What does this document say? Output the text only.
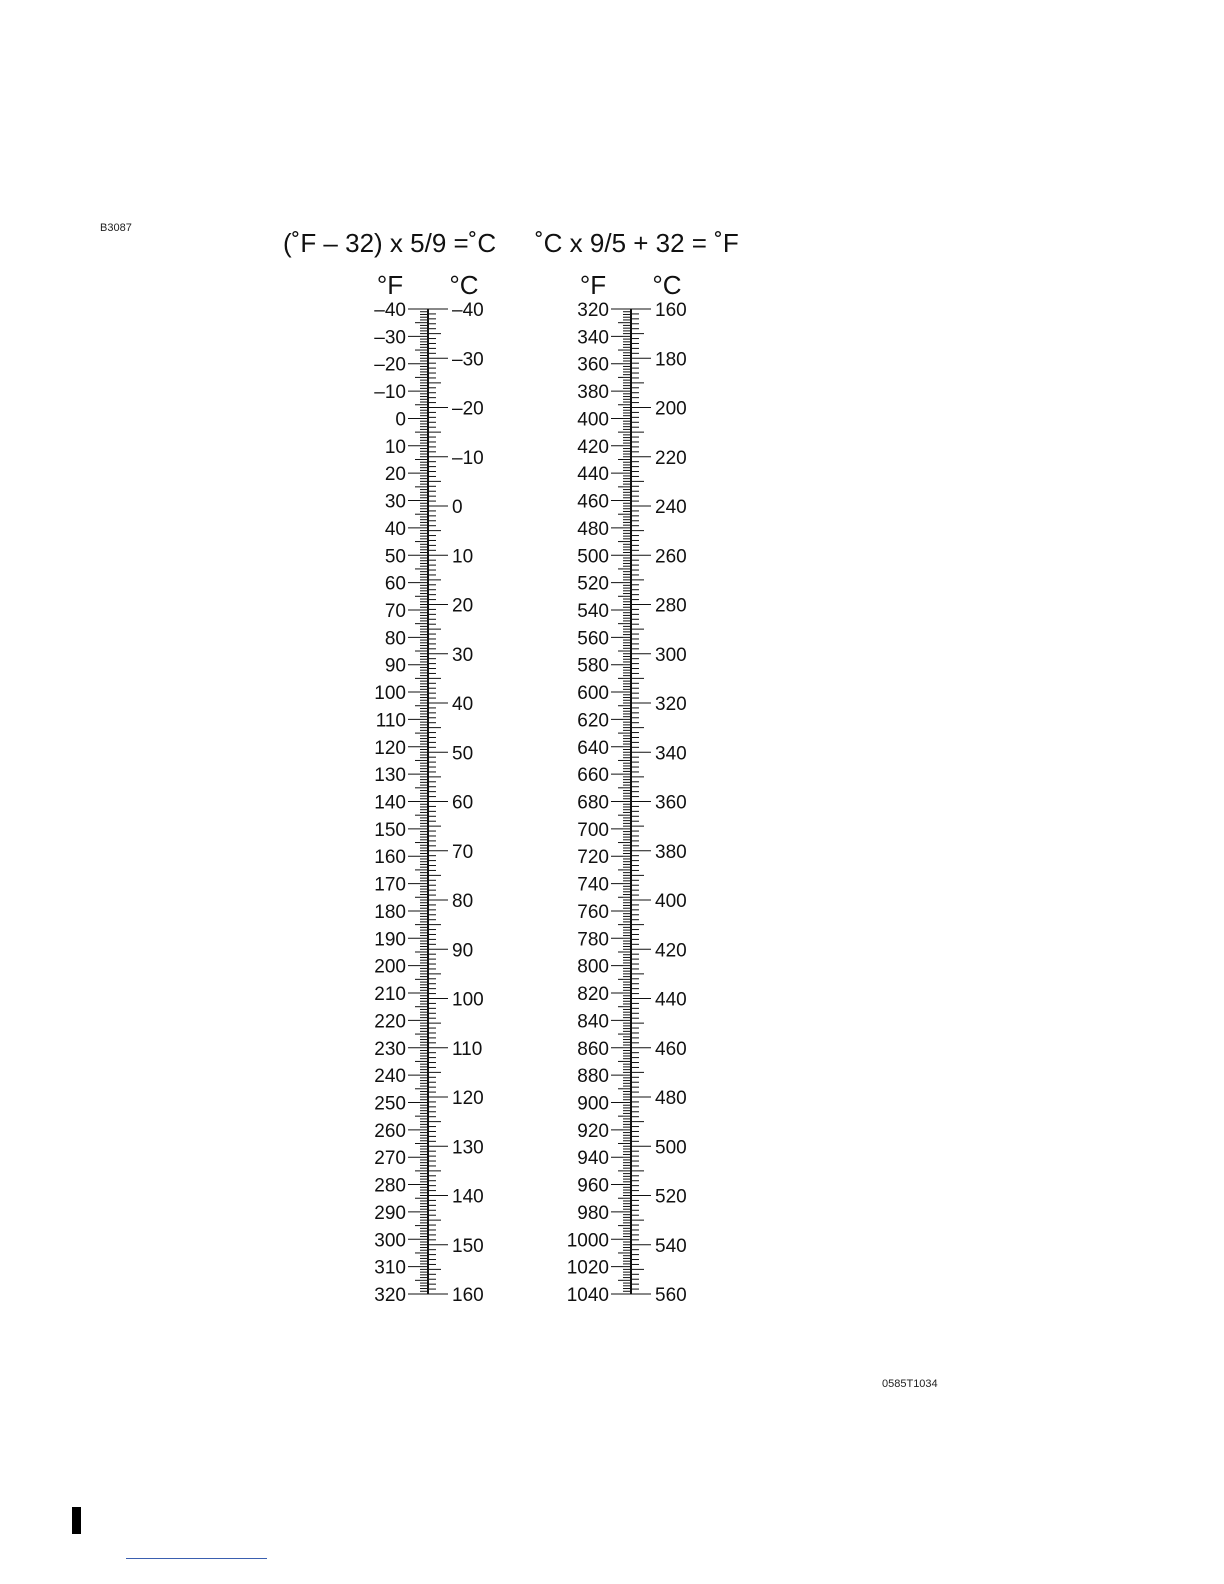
B3087	(˚F – 32) x 5/9 =˚C ˚C x 9/5 + 32 = ˚F
°F °C
–40
–30
–20
–10
0
10
20
30
40
50
60
70
80
90
100
110
120
130
140
150
160
170
180
190
200
210
220
230
240
250
260
270
280
290
300
310
320
–40
–30
–20
–10
0
10
20
30
40
50
60
70
80
90
100
110
120
130
140
150
160
°F °C
320
340
360
380
400
420
440
460
480
500
520
540
560
580
600
620
640
660
680
700
720
740
760
780
800
820
840
860
880
900
920
940
960
980
1000
1020
1040
160
180
200
220
240
260
280
300
320
340
360
380
400
420
440
460
480
500
520
540
560
0585T1034
